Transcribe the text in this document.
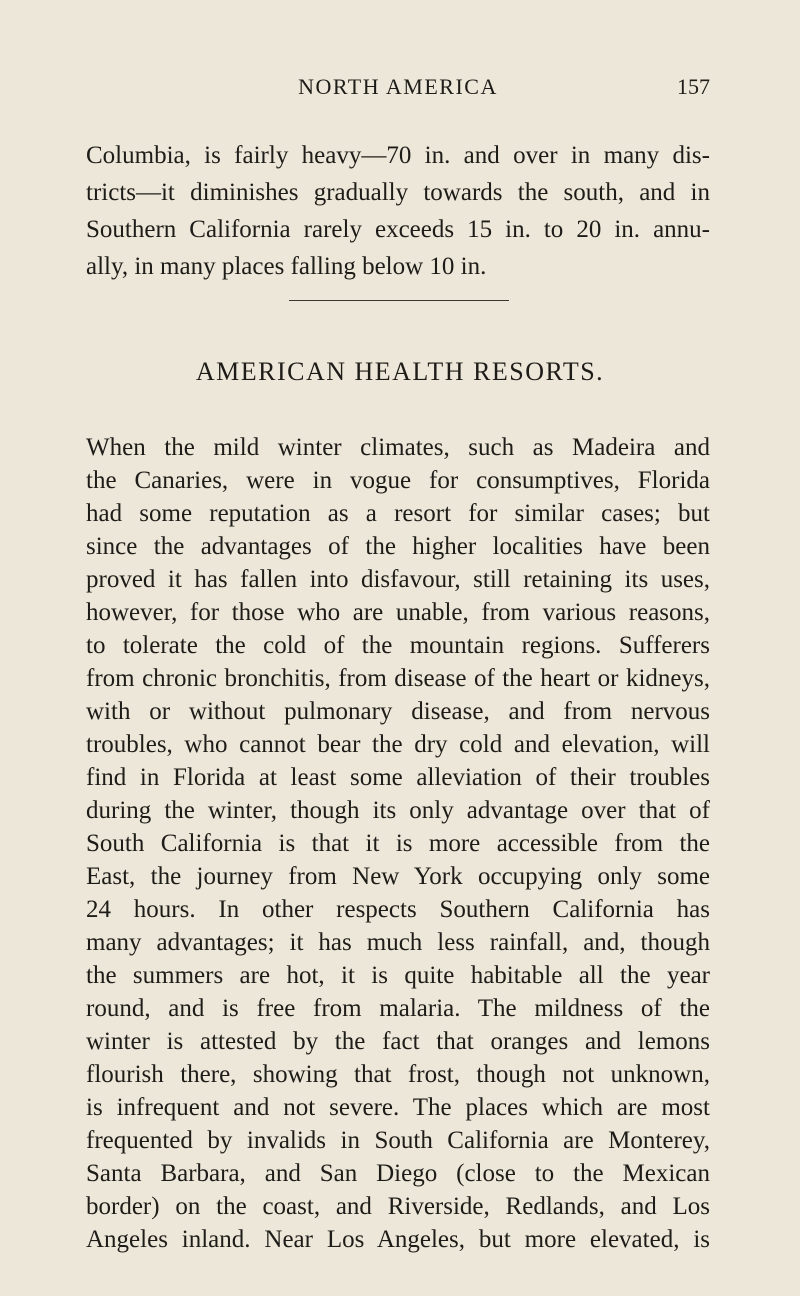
NORTH AMERICA	157
Columbia, is fairly heavy—70 in. and over in many dis-
tricts—it diminishes gradually towards the south, and in
Southern California rarely exceeds 15 in. to 20 in. annu-
ally, in many places falling below 10 in.
AMERICAN HEALTH RESORTS.
When the mild winter climates, such as Madeira and
the Canaries, were in vogue for consumptives, Florida
had some reputation as a resort for similar cases; but
since the advantages of the higher localities have been
proved it has fallen into disfavour, still retaining its uses,
however, for those who are unable, from various reasons,
to tolerate the cold of the mountain regions. Sufferers
from chronic bronchitis, from disease of the heart or kidneys,
with or without pulmonary disease, and from nervous
troubles, who cannot bear the dry cold and elevation, will
find in Florida at least some alleviation of their troubles
during the winter, though its only advantage over that of
South California is that it is more accessible from the
East, the journey from New York occupying only some
24 hours. In other respects Southern California has
many advantages; it has much less rainfall, and, though
the summers are hot, it is quite habitable all the year
round, and is free from malaria. The mildness of the
winter is attested by the fact that oranges and lemons
flourish there, showing that frost, though not unknown,
is infrequent and not severe. The places which are most
frequented by invalids in South California are Monterey,
Santa Barbara, and San Diego (close to the Mexican
border) on the coast, and Riverside, Redlands, and Los
Angeles inland. Near Los Angeles, but more elevated, is
